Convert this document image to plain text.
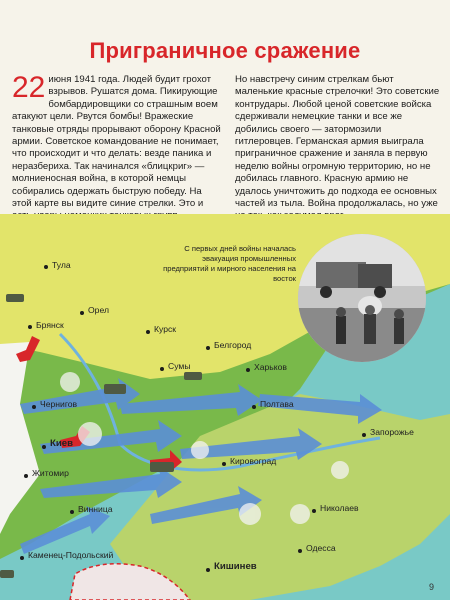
Приграничное сражение
22 июня 1941 года. Людей будит грохот взрывов. Рушатся дома. Пикирующие бомбардировщики со страшным воем атакуют цели. Рвутся бомбы! Вражеские танковые отряды прорывают оборону Красной армии. Советское командование не понимает, что происходит и что делать: везде паника и неразбериха. Так начинался «блицкриг» — молниеносная война, в которой немцы собирались одержать быструю победу. На этой карте вы видите синие стрелки. Это и
Но навстречу синим стрелкам бьют маленькие красные стрелочки! Это советские контрудары. Любой ценой советские войска сдерживали немецкие танки и все же добились своего — затормозили гитлеровцев. Германская армия выиграла приграничное сражение и заняла в первую неделю войны огромную территорию, но не добилась главного. Красную армию не удалось уничтожить до подхода ее основных частей из тыла. Война продолжалась, но уже
Тула
Орел
Брянск	Курск
Белгород
Сумы	Харьков
Чернигов	Полтава
Киев
Запорожье
Житомир
Кировоград
Винница	Николаев
Одесса
Каменец-Подольский
Кишинев
С первых дней войны началась эвакуация промышленных предприятий и мирного населения на восток
9
